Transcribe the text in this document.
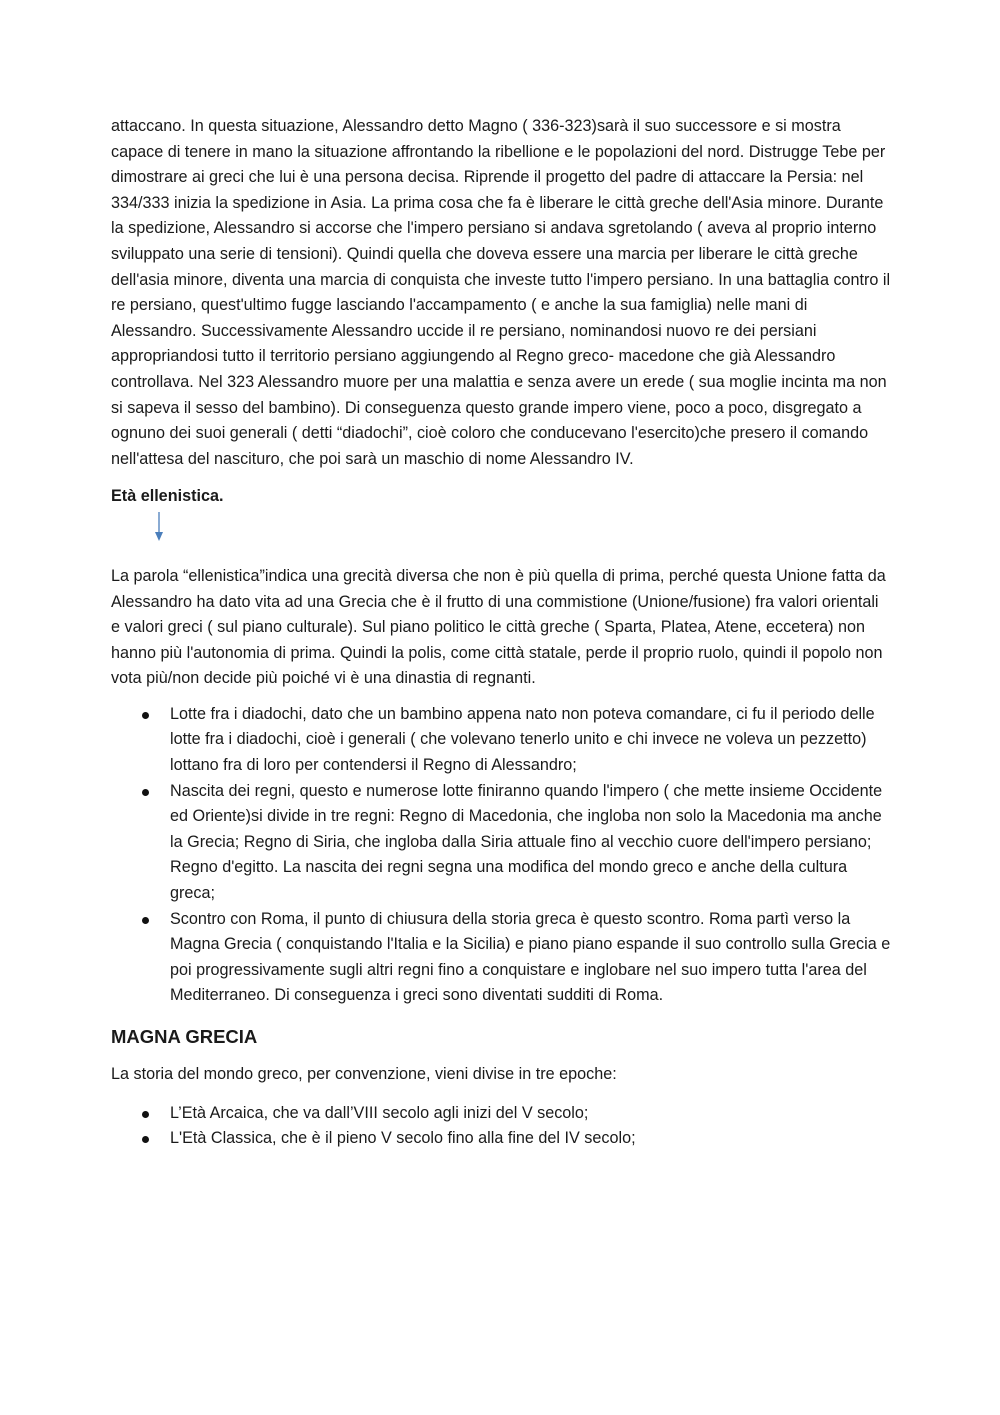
attaccano. In questa situazione, Alessandro detto Magno ( 336-323)sarà il suo successore e si mostra capace di tenere in mano la situazione affrontando la ribellione e le popolazioni del nord. Distrugge Tebe per dimostrare ai greci che lui è una persona decisa. Riprende il progetto del padre di attaccare la Persia: nel 334/333 inizia la spedizione in Asia. La prima cosa che fa è liberare le città greche dell'Asia minore. Durante la spedizione, Alessandro si accorse che l'impero persiano si andava sgretolando ( aveva al proprio interno sviluppato una serie di tensioni). Quindi quella che doveva essere una marcia per liberare le città greche dell'asia minore, diventa una marcia di conquista che investe tutto l'impero persiano. In una battaglia contro il re persiano, quest'ultimo fugge lasciando l'accampamento ( e anche la sua famiglia) nelle mani di Alessandro. Successivamente Alessandro uccide il re persiano, nominandosi nuovo re dei persiani appropriandosi tutto il territorio persiano aggiungendo al Regno greco- macedone che già Alessandro controllava. Nel 323 Alessandro muore per una malattia e senza avere un erede ( sua moglie incinta ma non si sapeva il sesso del bambino). Di conseguenza questo grande impero viene, poco a poco, disgregato a ognuno dei suoi generali ( detti “diadochi”, cioè coloro che conducevano l'esercito)che presero il comando nell'attesa del nascituro, che poi sarà un maschio di nome Alessandro IV.

Età ellenistica.

La parola “ellenistica”indica una grecità diversa che non è più quella di prima, perché questa Unione fatta da Alessandro ha dato vita ad una Grecia che è il frutto di una commistione (Unione/fusione) fra valori orientali e valori greci ( sul piano culturale). Sul piano politico le città greche ( Sparta, Platea, Atene, eccetera) non hanno più l'autonomia di prima. Quindi la polis, come città statale, perde il proprio ruolo, quindi il popolo non vota più/non decide più poiché vi è una dinastia di regnanti.

Lotte fra i diadochi, dato che un bambino appena nato non poteva comandare, ci fu il periodo delle lotte fra i diadochi, cioè i generali ( che volevano tenerlo unito e chi invece ne voleva un pezzetto) lottano fra di loro per contendersi il Regno di Alessandro;
Nascita dei regni, questo e numerose lotte finiranno quando l'impero ( che mette insieme Occidente ed Oriente)si divide in tre regni: Regno di Macedonia, che ingloba non solo la Macedonia ma anche la Grecia; Regno di Siria, che ingloba dalla Siria attuale fino al vecchio cuore dell'impero persiano; Regno d'egitto. La nascita dei regni segna una modifica del mondo greco e anche della cultura greca;
Scontro con Roma, il punto di chiusura della storia greca è questo scontro. Roma partì verso la Magna Grecia ( conquistando l'Italia e la Sicilia) e piano piano espande il suo controllo sulla Grecia e poi progressivamente sugli altri regni fino a conquistare e inglobare nel suo impero tutta l'area del Mediterraneo. Di conseguenza i greci sono diventati sudditi di Roma.
MAGNA GRECIA

La storia del mondo greco, per convenzione, vieni divise in tre epoche:

L’Età Arcaica, che va dall’VIII secolo agli inizi del V secolo;
L'Età Classica, che è il pieno V secolo fino alla fine del IV secolo;
